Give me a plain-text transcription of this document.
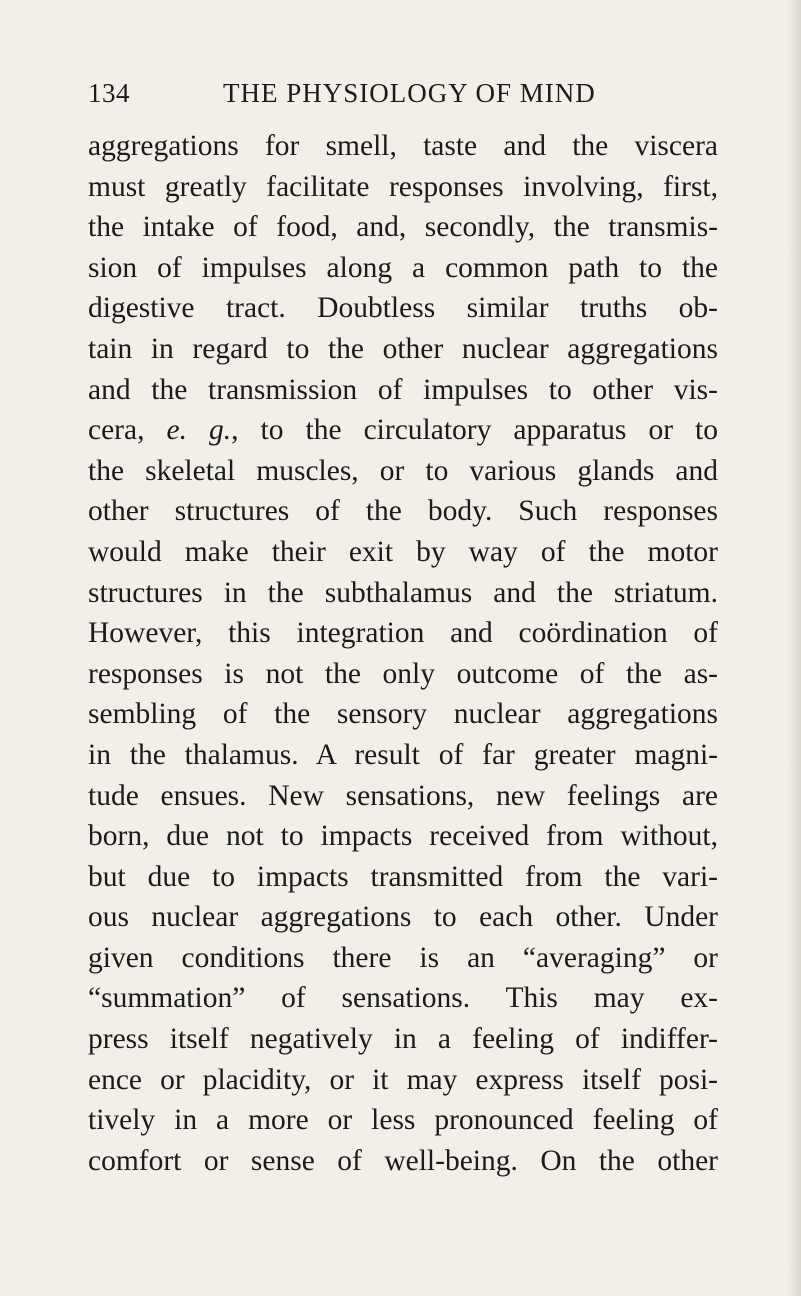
134	THE PHYSIOLOGY OF MIND
aggregations for smell, taste and the viscera
must greatly facilitate responses involving, first,
the intake of food, and, secondly, the transmis-
sion of impulses along a common path to the
digestive tract. Doubtless similar truths ob-
tain in regard to the other nuclear aggregations
and the transmission of impulses to other vis-
cera, e. g., to the circulatory apparatus or to
the skeletal muscles, or to various glands and
other structures of the body. Such responses
would make their exit by way of the motor
structures in the subthalamus and the striatum.
However, this integration and coördination of
responses is not the only outcome of the as-
sembling of the sensory nuclear aggregations
in the thalamus. A result of far greater magni-
tude ensues. New sensations, new feelings are
born, due not to impacts received from without,
but due to impacts transmitted from the vari-
ous nuclear aggregations to each other. Under
given conditions there is an “averaging” or
“summation” of sensations. This may ex-
press itself negatively in a feeling of indiffer-
ence or placidity, or it may express itself posi-
tively in a more or less pronounced feeling of
comfort or sense of well-being. On the other
